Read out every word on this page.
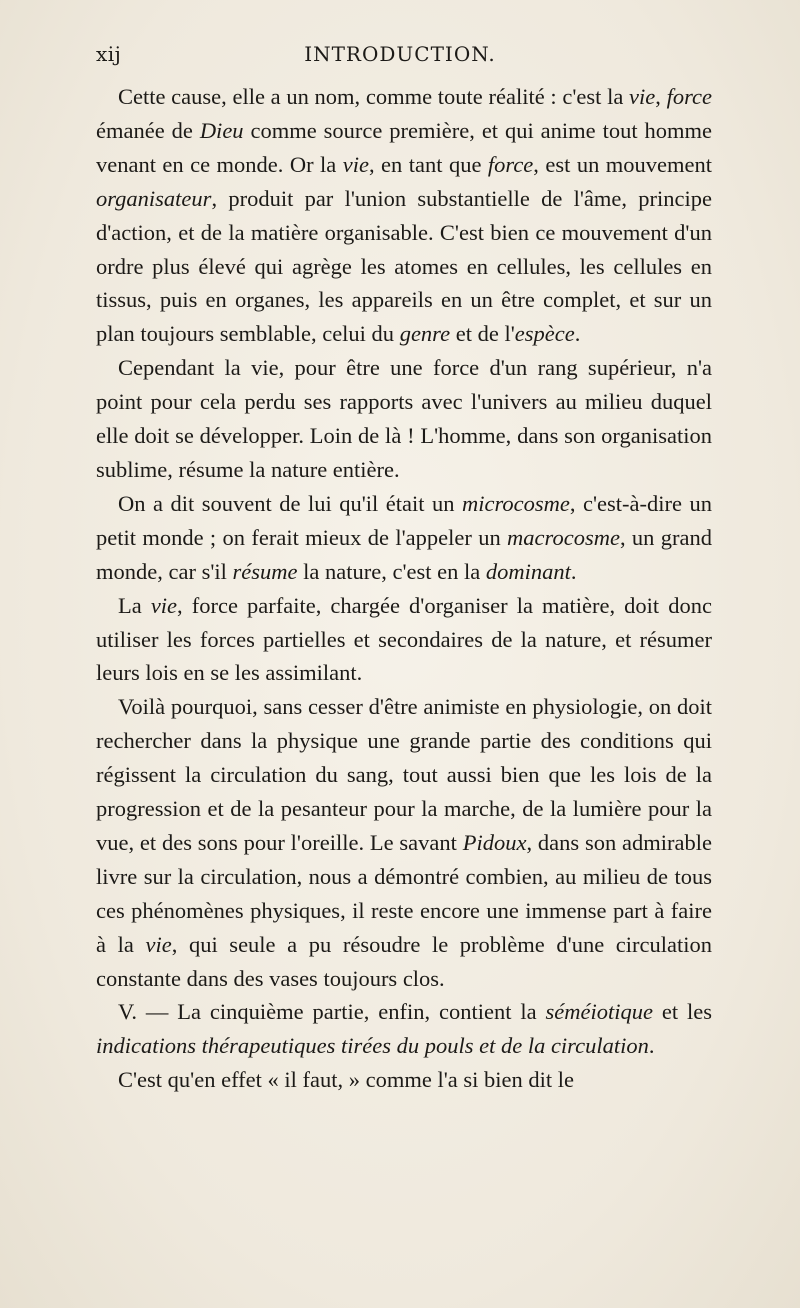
xij	INTRODUCTION.

Cette cause, elle a un nom, comme toute réalité : c'est la vie, force émanée de Dieu comme source première, et qui anime tout homme venant en ce monde. Or la vie, en tant que force, est un mouvement organisateur, produit par l'union substantielle de l'âme, principe d'action, et de la matière organisable. C'est bien ce mouvement d'un ordre plus élevé qui agrège les atomes en cellules, les cellules en tissus, puis en organes, les appareils en un être complet, et sur un plan toujours semblable, celui du genre et de l'espèce.

Cependant la vie, pour être une force d'un rang supérieur, n'a point pour cela perdu ses rapports avec l'univers au milieu duquel elle doit se développer. Loin de là ! L'homme, dans son organisation sublime, résume la nature entière.

On a dit souvent de lui qu'il était un microcosme, c'est-à-dire un petit monde ; on ferait mieux de l'appeler un macrocosme, un grand monde, car s'il résume la nature, c'est en la dominant.

La vie, force parfaite, chargée d'organiser la matière, doit donc utiliser les forces partielles et secondaires de la nature, et résumer leurs lois en se les assimilant.

Voilà pourquoi, sans cesser d'être animiste en physiologie, on doit rechercher dans la physique une grande partie des conditions qui régissent la circulation du sang, tout aussi bien que les lois de la progression et de la pesanteur pour la marche, de la lumière pour la vue, et des sons pour l'oreille. Le savant Pidoux, dans son admirable livre sur la circulation, nous a démontré combien, au milieu de tous ces phénomènes physiques, il reste encore une immense part à faire à la vie, qui seule a pu résoudre le problème d'une circulation constante dans des vases toujours clos.

V. — La cinquième partie, enfin, contient la séméiotique et les indications thérapeutiques tirées du pouls et de la circulation.

C'est qu'en effet « il faut, » comme l'a si bien dit le
